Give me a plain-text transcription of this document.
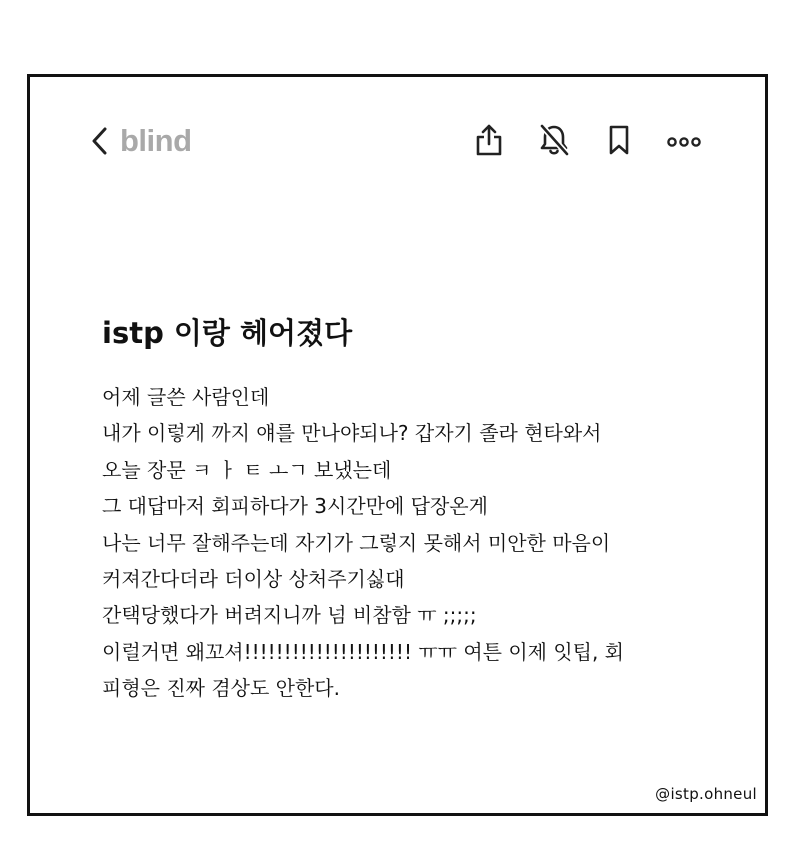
blind
istp 이랑 헤어졌다
어제 글쓴 사람인데
내가 이렇게 까지 얘를 만나야되나? 갑자기 졸라 현타와서
오늘 장문 ㅋ ㅏ ㅌ ㅗㄱ 보냈는데
그 대답마저 회피하다가 3시간만에 답장온게
나는 너무 잘해주는데 자기가 그렇지 못해서 미안한 마음이
커져간다더라 더이상 상처주기싫대
간택당했다가 버려지니까 넘 비참함 ㅠ ;;;;;
이럴거면 왜꼬셔!!!!!!!!!!!!!!!!!!!!! ㅠㅠ 여튼 이제 잇팁, 회
피형은 진짜 겸상도 안한다.
@istp.ohneul
